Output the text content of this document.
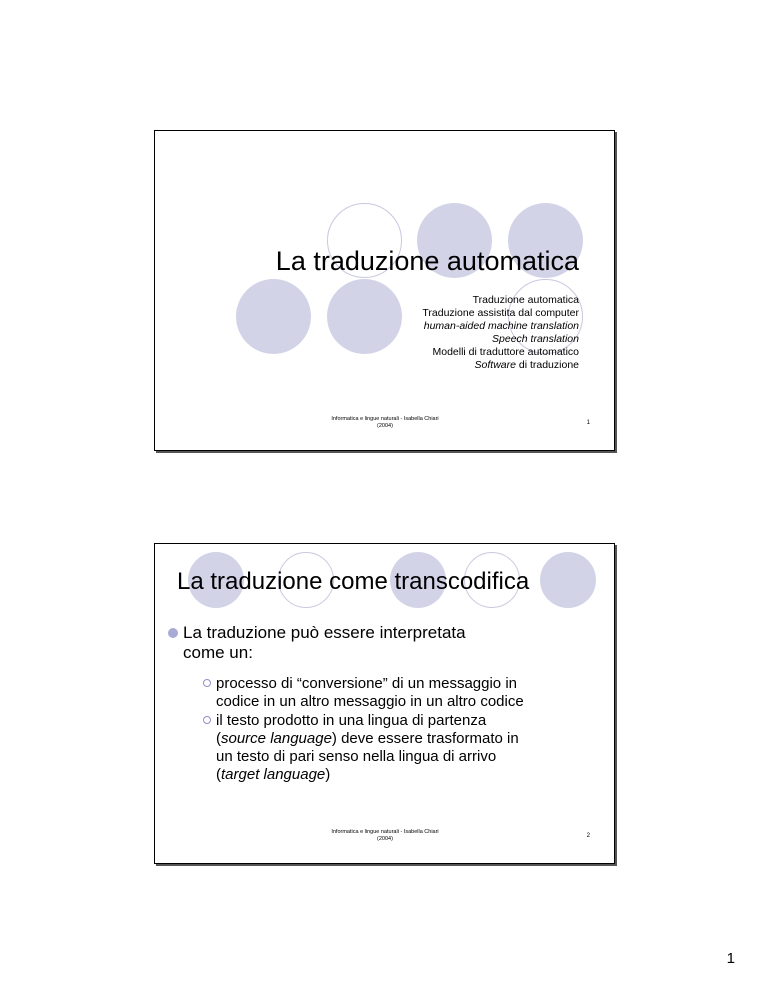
La traduzione automatica
Traduzione automatica
Traduzione assistita dal computer
human-aided machine translation
Speech translation
Modelli di traduttore automatico
Software di traduzione
Informatica e lingue naturali - Isabella Chiari
(2004)	1
La traduzione come transcodifica
La traduzione può essere interpretata
come un:
processo di “conversione” di un messaggio in
codice in un altro messaggio in un altro codice
il testo prodotto in una lingua di partenza
(source language) deve essere trasformato in
un testo di pari senso nella lingua di arrivo
(target language)
Informatica e lingue naturali - Isabella Chiari
(2004)	2
1
